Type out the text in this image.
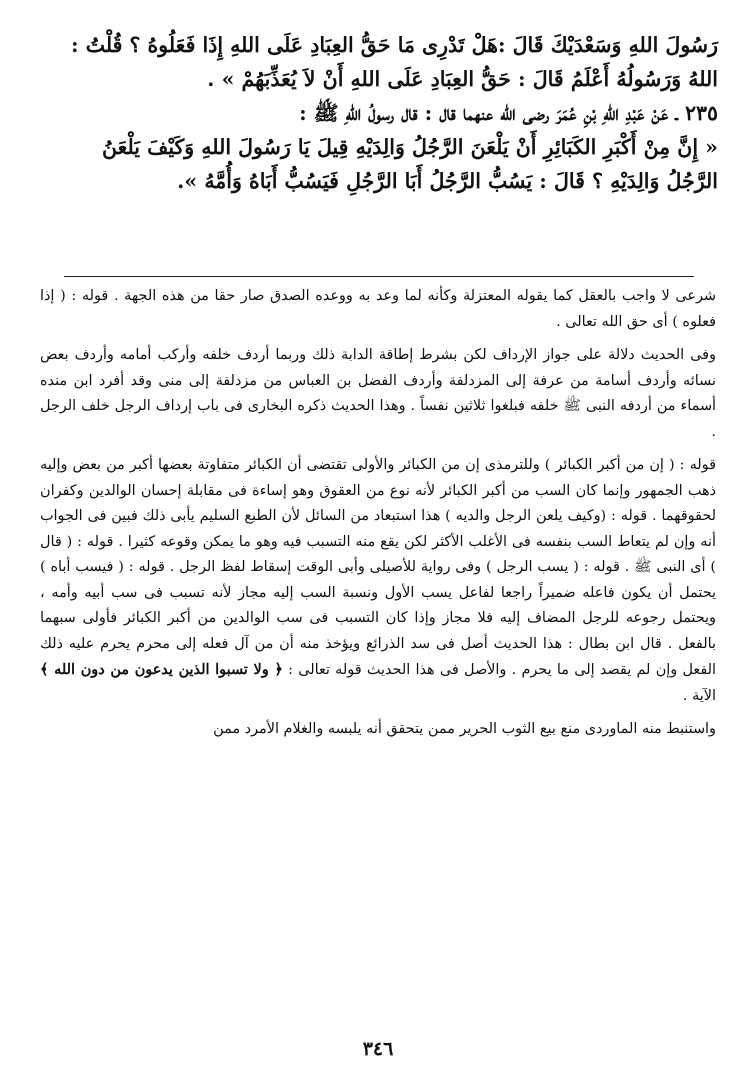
رَسُولَ اللهِ وَسَعْدَيْكَ قَالَ :هَلْ تَدْرِى مَا حَقُّ العِبَادِ عَلَى اللهِ إِذَا فَعَلُوهُ ؟ قُلْتُ :

اللهُ وَرَسُولُهُ أَعْلَمُ قَالَ : حَقُّ العِبَادِ عَلَى اللهِ أَنْ لاَ يُعَذِّبَهُمْ » .

٢٣٥ ـ عَنْ عَبْدِ اللهِ بْنِ عُمَرَ رضى الله عنهما قال : قال رسولُ اللهِ ﷺ :

« إِنَّ مِنْ أَكْبَرِ الكَبَائِرِ أَنْ يَلْعَنَ الرَّجُلُ وَالِدَيْهِ قِيلَ يَا رَسُولَ اللهِ وَكَيْفَ يَلْعَنُ

الرَّجُلُ وَالِدَيْهِ ؟ قَالَ : يَسُبُّ الرَّجُلُ أَبَا الرَّجُلِ فَيَسُبُّ أَبَاهُ وَأُمَّهُ ».

شرعى لا واجب بالعقل كما يقوله المعتزلة وكأنه لما وعد به ووعده الصدق صار حقا من هذه الجهة . قوله : ( إذا فعلوه ) أى حق الله تعالى .

وفى الحديث دلالة على جواز الإرداف لكن بشرط إطاقة الدابة ذلك وربما أردف خلفه وأركب أمامه وأردف بعض نسائه وأردف أسامة من عرفة إلى المزدلفة وأردف الفضل بن العباس من مزدلفة إلى منى وقد أفرد ابن منده أسماء من أردفه النبى ﷺ خلفه فبلغوا ثلاثين نفساً . وهذا الحديث ذكره البخارى فى باب إرداف الرجل خلف الرجل .

قوله : ( إن من أكبر الكبائر ) وللترمذى إن من الكبائر والأولى تقتضى أن الكبائر متفاوتة بعضها أكبر من بعض وإليه ذهب الجمهور وإنما كان السب من أكبر الكبائر لأنه نوع من العقوق وهو إساءة فى مقابلة إحسان الوالدين وكفران لحقوقهما . قوله : (وكيف يلعن الرجل والديه ) هذا استبعاد من السائل لأن الطبع السليم يأبى ذلك فبين فى الجواب أنه وإن لم يتعاط السب بنفسه فى الأغلب الأكثر لكن يقع منه التسبب فيه وهو ما يمكن وقوعه كثيرا . قوله : ( قال ) أى النبى ﷺ . قوله : ( يسب الرجل ) وفى رواية للأصيلى وأبى الوقت إسقاط لفظ الرجل . قوله : ( فيسب أباه ) يحتمل أن يكون فاعله ضميراً راجعا لفاعل يسب الأول ونسبة السب إليه مجاز لأنه تسبب فى سب أبيه وأمه ، ويحتمل رجوعه للرجل المضاف إليه فلا مجاز وإذا كان التسبب فى سب الوالدين من أكبر الكبائر فأولى سبهما بالفعل . قال ابن بطال : هذا الحديث أصل فى سد الذرائع ويؤخذ منه أن من آل فعله إلى محرم يحرم عليه ذلك الفعل وإن لم يقصد إلى ما يحرم . والأصل فى هذا الحديث قوله تعالى : ﴿ ولا تسبوا الذين يدعون من دون الله ﴾ الآية .

واستنبط منه الماوردى منع بيع الثوب الحرير ممن يتحقق أنه يلبسه والغلام الأمرد ممن

٣٤٦
